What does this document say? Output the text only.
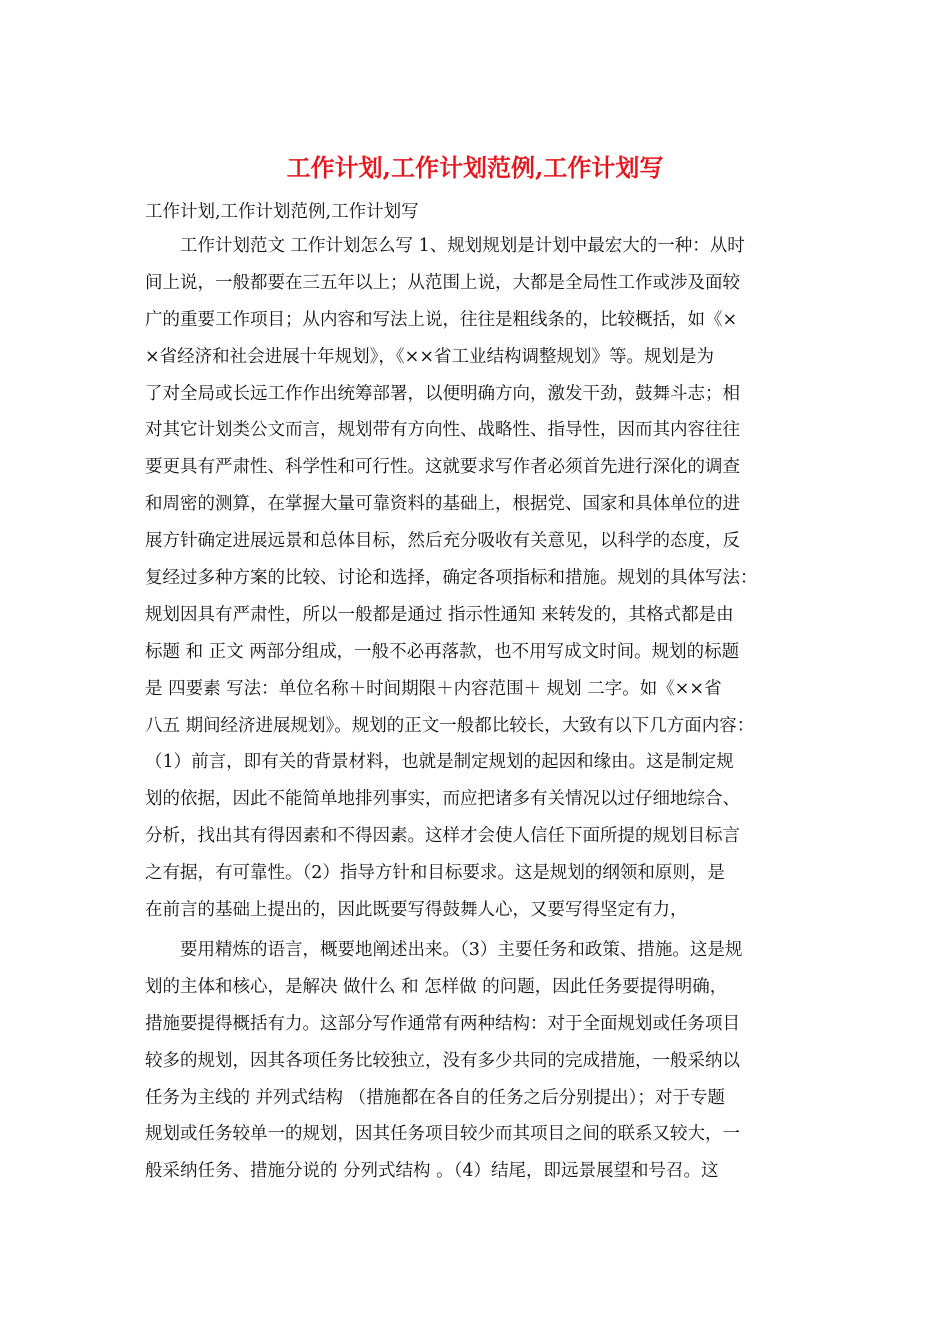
工作计划,工作计划范例,工作计划写
工作计划,工作计划范例,工作计划写
　　工作计划范文 工作计划怎么写 1、规划规划是计划中最宏大的一种：从时
间上说，一般都要在三五年以上；从范围上说，大都是全局性工作或涉及面较
广的重要工作项目；从内容和写法上说，往往是粗线条的，比较概括，如《×
×省经济和社会进展十年规划》，《××省工业结构调整规划》等。规划是为
了对全局或长远工作作出统筹部署，以便明确方向，激发干劲，鼓舞斗志；相
对其它计划类公文而言，规划带有方向性、战略性、指导性，因而其内容往往
要更具有严肃性、科学性和可行性。这就要求写作者必须首先进行深化的调查
和周密的测算，在掌握大量可靠资料的基础上，根据党、国家和具体单位的进
展方针确定进展远景和总体目标，然后充分吸收有关意见，以科学的态度，反
复经过多种方案的比较、讨论和选择，确定各项指标和措施。规划的具体写法：
规划因具有严肃性，所以一般都是通过 指示性通知 来转发的，其格式都是由
标题 和 正文 两部分组成，一般不必再落款，也不用写成文时间。规划的标题
是 四要素 写法：单位名称＋时间期限＋内容范围＋ 规划 二字。如《××省
八五 期间经济进展规划》。规划的正文一般都比较长，大致有以下几方面内容：
（1）前言，即有关的背景材料，也就是制定规划的起因和缘由。这是制定规
划的依据，因此不能简单地排列事实，而应把诸多有关情况以过仔细地综合、
分析，找出其有得因素和不得因素。这样才会使人信任下面所提的规划目标言
之有据，有可靠性。（2）指导方针和目标要求。这是规划的纲领和原则，是
在前言的基础上提出的，因此既要写得鼓舞人心，又要写得坚定有力，
　　要用精炼的语言，概要地阐述出来。（3）主要任务和政策、措施。这是规
划的主体和核心，是解决 做什么 和 怎样做 的问题，因此任务要提得明确，
措施要提得概括有力。这部分写作通常有两种结构：对于全面规划或任务项目
较多的规划，因其各项任务比较独立，没有多少共同的完成措施，一般采纳以
任务为主线的 并列式结构 （措施都在各自的任务之后分别提出）；对于专题
规划或任务较单一的规划，因其任务项目较少而其项目之间的联系又较大，一
般采纳任务、措施分说的 分列式结构 。（4）结尾，即远景展望和号召。这
